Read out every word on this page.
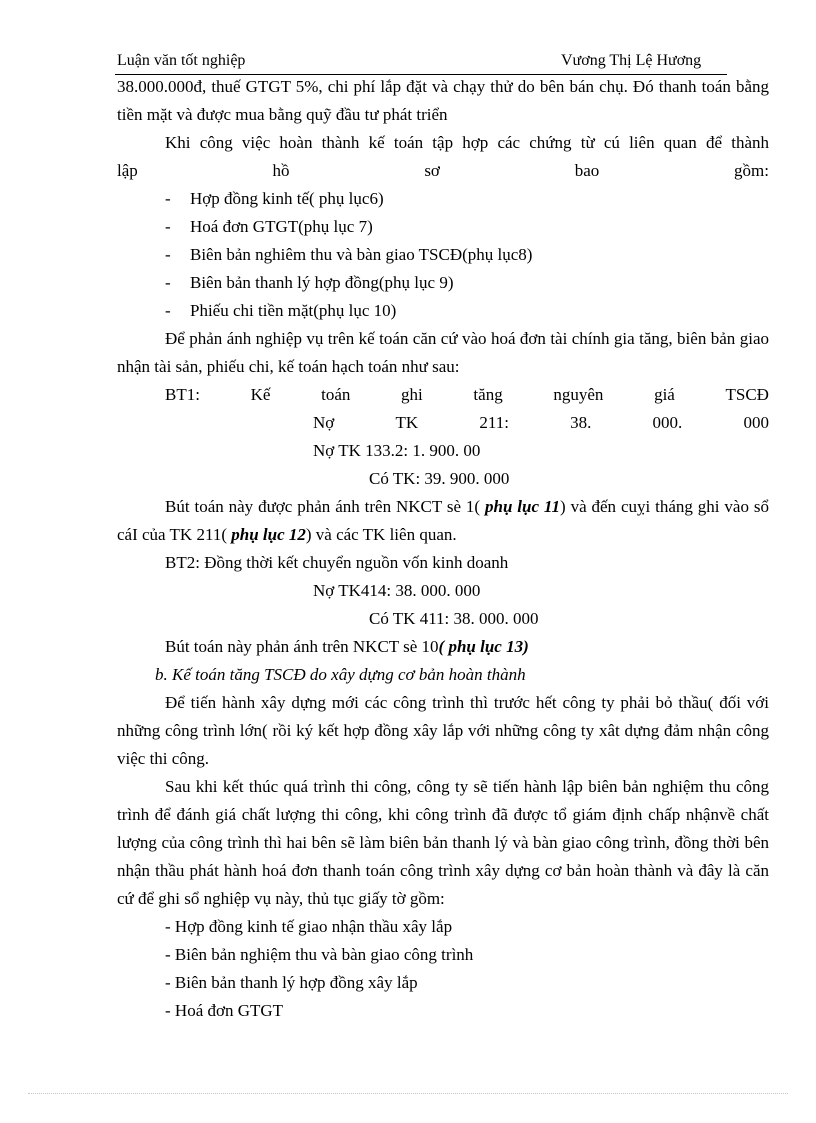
Luận văn tốt nghiệp	Vương Thị Lệ Hương

38.000.000đ, thuế GTGT 5%, chi phí lắp đặt và chạy thử do bên bán chụ. Đó thanh toán bằng tiền mặt và được mua bằng quỹ đầu tư phát triển

Khi công việc hoàn thành kế toán tập hợp các chứng từ cú liên quan để thành

lập	hồ	sơ	bao	gồm:

- Hợp đồng kinh tế( phụ lục6)

- Hoá đơn GTGT(phụ lục 7)

- Biên bản nghiêm thu và bàn giao TSCĐ(phụ lục8)

- Biên bản thanh lý hợp đồng(phụ lục 9)

- Phiếu chi tiền mặt(phụ lục 10)

Để phản ánh nghiệp vụ trên kế toán căn cứ vào hoá đơn tài chính gia tăng, biên bản giao nhận tài sản, phiếu chi, kế toán hạch toán như sau:

BT1:	Kế	toán	ghi	tăng	nguyên	giá	TSCĐ

Nợ	TK	211:	38.	000.	000

Nợ TK 133.2: 1. 900. 00

Có TK: 39. 900. 000

Bút toán này được phản ánh trên NKCT sè 1( phụ lục 11) và đến cuỵi tháng ghi vào sổ cáI của TK 211( phụ lục 12) và các TK liên quan.

BT2: Đồng thời kết chuyển nguồn vốn kinh doanh

Nợ TK414: 38. 000. 000

Có TK 411: 38. 000. 000

Bút toán này phản ánh trên NKCT sè 10( phụ lục 13)

b. Kế toán tăng TSCĐ do xây dựng cơ bản hoàn thành

Để tiến hành xây dựng mới các công trình thì trước hết công ty phải bỏ thầu( đối với những công trình lớn( rồi ký kết hợp đồng xây lắp với những công ty xât dựng đảm nhận công việc thi công.

Sau khi kết thúc quá trình thi công, công ty sẽ tiến hành lập biên bản nghiệm thu công trình để đánh giá chất lượng thi công, khi công trình đã được tổ giám định chấp nhậnvề chất lượng của công trình thì hai bên sẽ làm biên bản thanh lý và bàn giao công trình, đồng thời bên nhận thầu phát hành hoá đơn thanh toán công trình xây dựng cơ bản hoàn thành và đây là căn cứ để ghi sổ nghiệp vụ này, thủ tục giấy tờ gồm:

- Hợp đồng kinh tế giao nhận thầu xây lắp

- Biên bản nghiệm thu và bàn giao công trình

- Biên bản thanh lý hợp đồng xây lắp

- Hoá đơn GTGT
